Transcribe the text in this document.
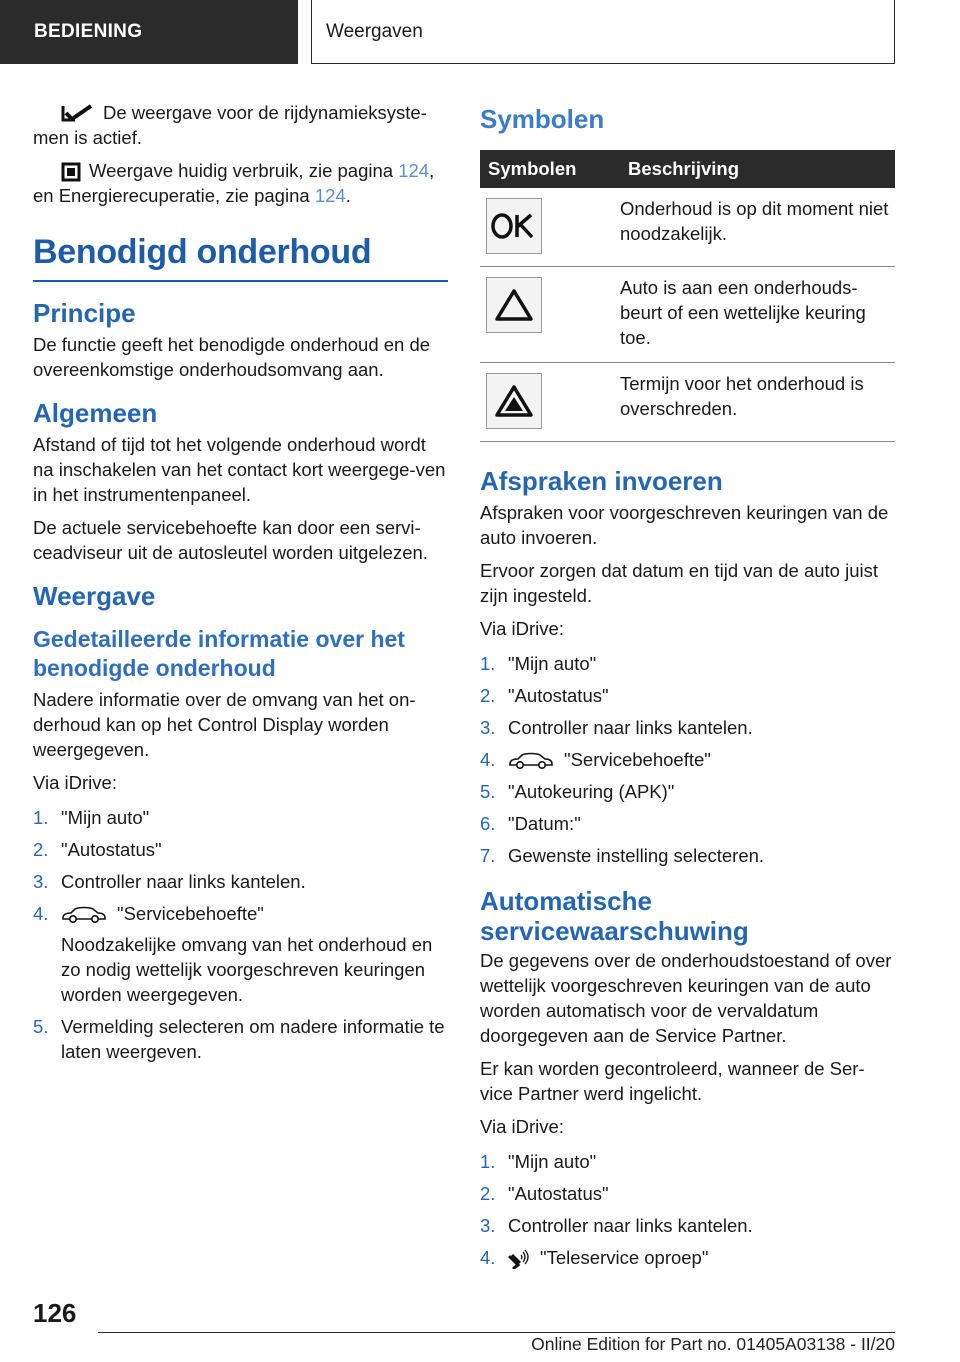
BEDIENING	Weergaven

De weergave voor de rijdynamieksyste-men is actief.

Weergave huidig verbruik, zie pagina 124, en Energierecuperatie, zie pagina 124.

Benodigd onderhoud
Principe

De functie geeft het benodigde onderhoud en de overeenkomstige onderhoudsomvang aan.

Algemeen

Afstand of tijd tot het volgende onderhoud wordt na inschakelen van het contact kort weergege-ven in het instrumentenpaneel.

De actuele servicebehoefte kan door een servi-ceadviseur uit de autosleutel worden uitgelezen.

Weergave
Gedetailleerde informatie over het benodigde onderhoud

Nadere informatie over de omvang van het on-derhoud kan op het Control Display worden weergegeven.

Via iDrive:

1. "Mijn auto"
2. "Autostatus"
3. Controller naar links kantelen.
4.	"Servicebehoefte"
Noodzakelijke omvang van het onderhoud en zo nodig wettelijk voorgeschreven keuringen worden weergegeven.
5. Vermelding selecteren om nadere informatie te laten weergeven.
Symbolen
Symbolen	Beschrijving

	Onderhoud is op dit moment niet noodzakelijk.

	Auto is aan een onderhouds-beurt of een wettelijke keuring toe.

	Termijn voor het onderhoud is overschreden.
Afspraken invoeren

Afspraken voor voorgeschreven keuringen van de auto invoeren.

Ervoor zorgen dat datum en tijd van de auto juist zijn ingesteld.

Via iDrive:

1. "Mijn auto"
2. "Autostatus"
3. Controller naar links kantelen.
4.	"Servicebehoefte"
5. "Autokeuring (APK)"
6. "Datum:"
7. Gewenste instelling selecteren.
Automatische servicewaarschuwing

De gegevens over de onderhoudstoestand of over wettelijk voorgeschreven keuringen van de auto worden automatisch voor de vervaldatum doorgegeven aan de Service Partner.

Er kan worden gecontroleerd, wanneer de Ser-vice Partner werd ingelicht.

Via iDrive:

1. "Mijn auto"
2. "Autostatus"
3. Controller naar links kantelen.
4.	"Teleservice oproep"
126
Online Edition for Part no. 01405A03138 - II/20
